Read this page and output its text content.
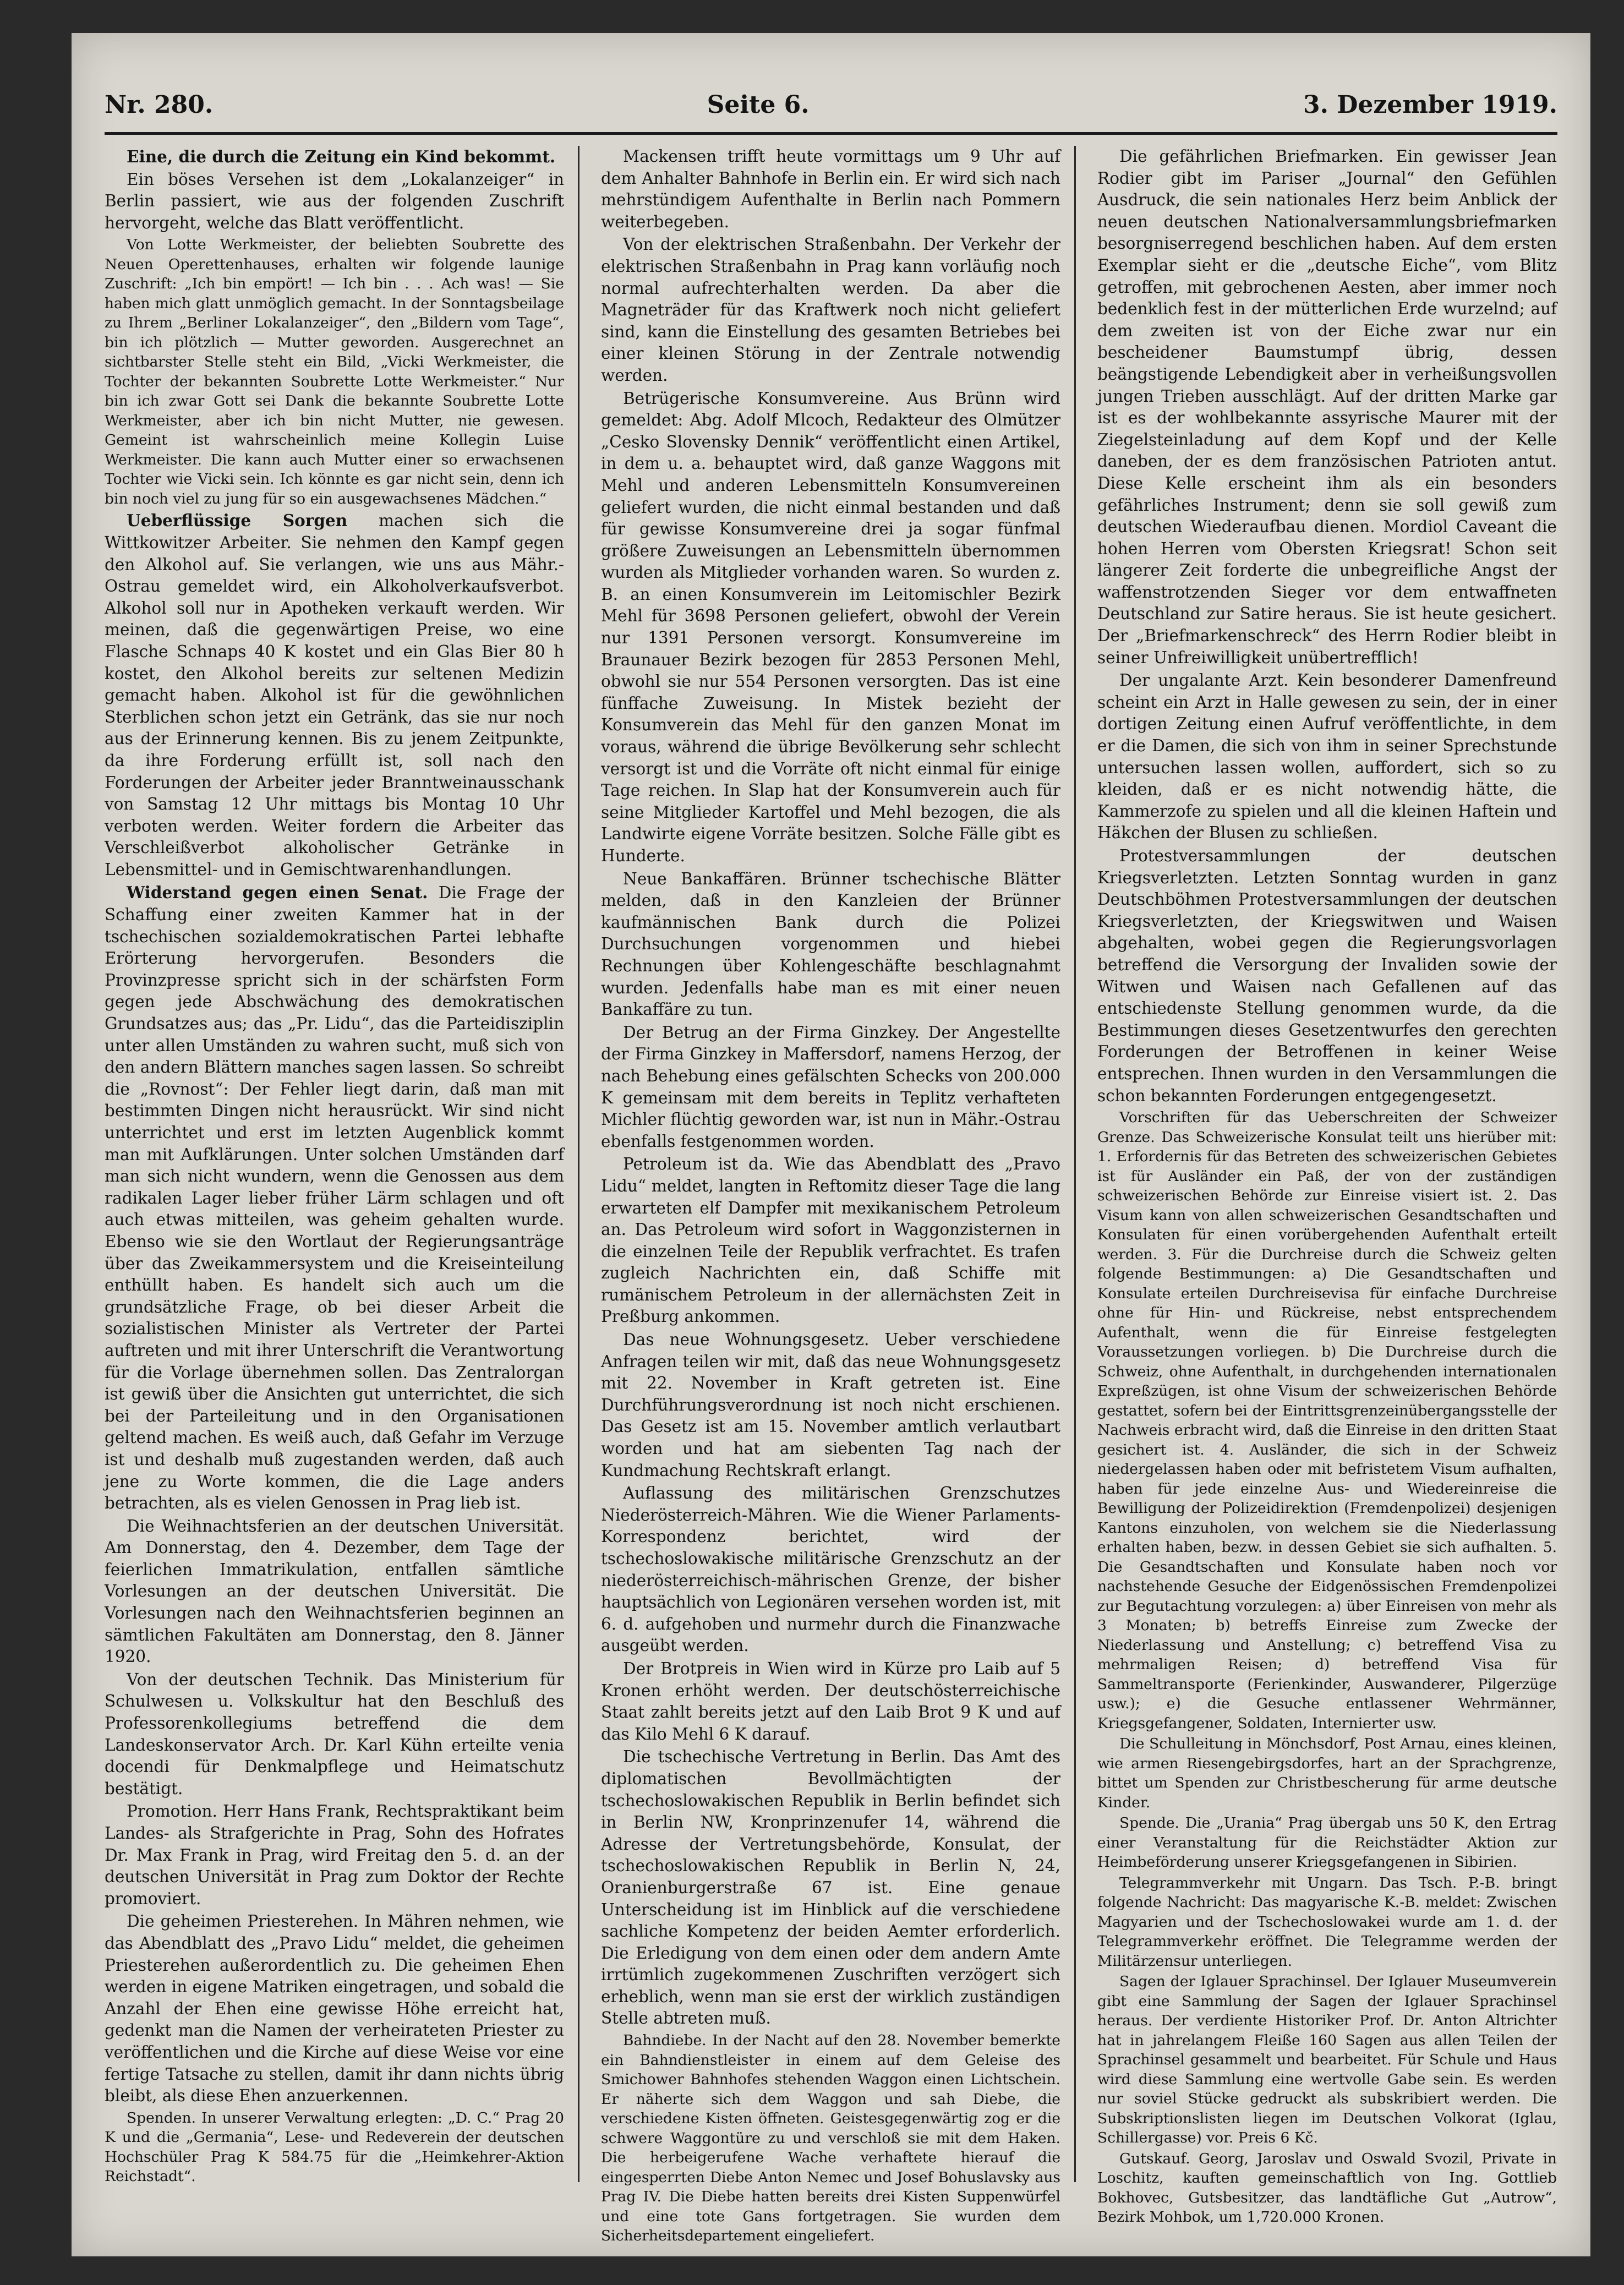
Nr. 280.	Seite 6.	3. Dezember 1919.

Eine, die durch die Zeitung ein Kind bekommt.

Ein böses Versehen ist dem „Lokalanzeiger“ in Berlin passiert, wie aus der folgenden Zuschrift hervorgeht, welche das Blatt veröffentlicht.

Von Lotte Werkmeister, der beliebten Soubrette des Neuen Operettenhauses, erhalten wir folgende launige Zuschrift: „Ich bin empört! — Ich bin . . . Ach was! — Sie haben mich glatt unmöglich gemacht. In der Sonntagsbeilage zu Ihrem „Berliner Lokalanzeiger“, den „Bildern vom Tage“, bin ich plötzlich — Mutter geworden. Ausgerechnet an sichtbarster Stelle steht ein Bild, „Vicki Werkmeister, die Tochter der bekannten Soubrette Lotte Werkmeister.“ Nur bin ich zwar Gott sei Dank die bekannte Soubrette Lotte Werkmeister, aber ich bin nicht Mutter, nie gewesen. Gemeint ist wahrscheinlich meine Kollegin Luise Werkmeister. Die kann auch Mutter einer so erwachsenen Tochter wie Vicki sein. Ich könnte es gar nicht sein, denn ich bin noch viel zu jung für so ein ausgewachsenes Mädchen.“

Ueberflüssige Sorgen machen sich die Wittkowitzer Arbeiter. Sie nehmen den Kampf gegen den Alkohol auf. Sie verlangen, wie uns aus Mähr.-Ostrau gemeldet wird, ein Alkoholverkaufsverbot. Alkohol soll nur in Apotheken verkauft werden. Wir meinen, daß die gegenwärtigen Preise, wo eine Flasche Schnaps 40 K kostet und ein Glas Bier 80 h kostet, den Alkohol bereits zur seltenen Medizin gemacht haben. Alkohol ist für die gewöhnlichen Sterblichen schon jetzt ein Getränk, das sie nur noch aus der Erinnerung kennen. Bis zu jenem Zeitpunkte, da ihre Forderung erfüllt ist, soll nach den Forderungen der Arbeiter jeder Branntweinausschank von Samstag 12 Uhr mittags bis Montag 10 Uhr verboten werden. Weiter fordern die Arbeiter das Verschleißverbot alkoholischer Getränke in Lebensmittel- und in Gemischtwarenhandlungen.

Widerstand gegen einen Senat. Die Frage der Schaffung einer zweiten Kammer hat in der tschechischen sozialdemokratischen Partei lebhafte Erörterung hervorgerufen. Besonders die Provinzpresse spricht sich in der schärfsten Form gegen jede Abschwächung des demokratischen Grundsatzes aus; das „Pr. Lidu“, das die Parteidisziplin unter allen Umständen zu wahren sucht, muß sich von den andern Blättern manches sagen lassen. So schreibt die „Rovnost“: Der Fehler liegt darin, daß man mit bestimmten Dingen nicht herausrückt. Wir sind nicht unterrichtet und erst im letzten Augenblick kommt man mit Aufklärungen. Unter solchen Umständen darf man sich nicht wundern, wenn die Genossen aus dem radikalen Lager lieber früher Lärm schlagen und oft auch etwas mitteilen, was geheim gehalten wurde. Ebenso wie sie den Wortlaut der Regierungsanträge über das Zweikammersystem und die Kreiseinteilung enthüllt haben. Es handelt sich auch um die grundsätzliche Frage, ob bei dieser Arbeit die sozialistischen Minister als Vertreter der Partei auftreten und mit ihrer Unterschrift die Verantwortung für die Vorlage übernehmen sollen. Das Zentralorgan ist gewiß über die Ansichten gut unterrichtet, die sich bei der Parteileitung und in den Organisationen geltend machen. Es weiß auch, daß Gefahr im Verzuge ist und deshalb muß zugestanden werden, daß auch jene zu Worte kommen, die die Lage anders betrachten, als es vielen Genossen in Prag lieb ist.

Die Weihnachtsferien an der deutschen Universität. Am Donnerstag, den 4. Dezember, dem Tage der feierlichen Immatrikulation, entfallen sämtliche Vorlesungen an der deutschen Universität. Die Vorlesungen nach den Weihnachtsferien beginnen an sämtlichen Fakultäten am Donnerstag, den 8. Jänner 1920.

Von der deutschen Technik. Das Ministerium für Schulwesen u. Volkskultur hat den Beschluß des Professorenkollegiums betreffend die dem Landeskonservator Arch. Dr. Karl Kühn erteilte venia docendi für Denkmalpflege und Heimatschutz bestätigt.

Promotion. Herr Hans Frank, Rechtspraktikant beim Landes- als Strafgerichte in Prag, Sohn des Hofrates Dr. Max Frank in Prag, wird Freitag den 5. d. an der deutschen Universität in Prag zum Doktor der Rechte promoviert.

Die geheimen Priesterehen. In Mähren nehmen, wie das Abendblatt des „Pravo Lidu“ meldet, die geheimen Priesterehen außerordentlich zu. Die geheimen Ehen werden in eigene Matriken eingetragen, und sobald die Anzahl der Ehen eine gewisse Höhe erreicht hat, gedenkt man die Namen der verheirateten Priester zu veröffentlichen und die Kirche auf diese Weise vor eine fertige Tatsache zu stellen, damit ihr dann nichts übrig bleibt, als diese Ehen anzuerkennen.

Spenden. In unserer Verwaltung erlegten: „D. C.“ Prag 20 K und die „Germania“, Lese- und Redeverein der deutschen Hochschüler Prag K 584.75 für die „Heimkehrer-Aktion Reichstadt“.

Mackensen trifft heute vormittags um 9 Uhr auf dem Anhalter Bahnhofe in Berlin ein. Er wird sich nach mehrstündigem Aufenthalte in Berlin nach Pommern weiterbegeben.

Von der elektrischen Straßenbahn. Der Verkehr der elektrischen Straßenbahn in Prag kann vorläufig noch normal aufrechterhalten werden. Da aber die Magneträder für das Kraftwerk noch nicht geliefert sind, kann die Einstellung des gesamten Betriebes bei einer kleinen Störung in der Zentrale notwendig werden.

Betrügerische Konsumvereine. Aus Brünn wird gemeldet: Abg. Adolf Mlcoch, Redakteur des Olmützer „Cesko Slovensky Dennik“ veröffentlicht einen Artikel, in dem u. a. behauptet wird, daß ganze Waggons mit Mehl und anderen Lebensmitteln Konsumvereinen geliefert wurden, die nicht einmal bestanden und daß für gewisse Konsumvereine drei ja sogar fünfmal größere Zuweisungen an Lebensmitteln übernommen wurden als Mitglieder vorhanden waren. So wurden z. B. an einen Konsumverein im Leitomischler Bezirk Mehl für 3698 Personen geliefert, obwohl der Verein nur 1391 Personen versorgt. Konsumvereine im Braunauer Bezirk bezogen für 2853 Personen Mehl, obwohl sie nur 554 Personen versorgten. Das ist eine fünffache Zuweisung. In Mistek bezieht der Konsumverein das Mehl für den ganzen Monat im voraus, während die übrige Bevölkerung sehr schlecht versorgt ist und die Vorräte oft nicht einmal für einige Tage reichen. In Slap hat der Konsumverein auch für seine Mitglieder Kartoffel und Mehl bezogen, die als Landwirte eigene Vorräte besitzen. Solche Fälle gibt es Hunderte.

Neue Bankaffären. Brünner tschechische Blätter melden, daß in den Kanzleien der Brünner kaufmännischen Bank durch die Polizei Durchsuchungen vorgenommen und hiebei Rechnungen über Kohlengeschäfte beschlagnahmt wurden. Jedenfalls habe man es mit einer neuen Bankaffäre zu tun.

Der Betrug an der Firma Ginzkey. Der Angestellte der Firma Ginzkey in Maffersdorf, namens Herzog, der nach Behebung eines gefälschten Schecks von 200.000 K gemeinsam mit dem bereits in Teplitz verhafteten Michler flüchtig geworden war, ist nun in Mähr.-Ostrau ebenfalls festgenommen worden.

Petroleum ist da. Wie das Abendblatt des „Pravo Lidu“ meldet, langten in Reftomitz dieser Tage die lang erwarteten elf Dampfer mit mexikanischem Petroleum an. Das Petroleum wird sofort in Waggonzisternen in die einzelnen Teile der Republik verfrachtet. Es trafen zugleich Nachrichten ein, daß Schiffe mit rumänischem Petroleum in der allernächsten Zeit in Preßburg ankommen.

Das neue Wohnungsgesetz. Ueber verschiedene Anfragen teilen wir mit, daß das neue Wohnungsgesetz mit 22. November in Kraft getreten ist. Eine Durchführungsverordnung ist noch nicht erschienen. Das Gesetz ist am 15. November amtlich verlautbart worden und hat am siebenten Tag nach der Kundmachung Rechtskraft erlangt.

Auflassung des militärischen Grenzschutzes Niederösterreich-Mähren. Wie die Wiener Parlaments-Korrespondenz berichtet, wird der tschechoslowakische militärische Grenzschutz an der niederösterreichisch-mährischen Grenze, der bisher hauptsächlich von Legionären versehen worden ist, mit 6. d. aufgehoben und nurmehr durch die Finanzwache ausgeübt werden.

Der Brotpreis in Wien wird in Kürze pro Laib auf 5 Kronen erhöht werden. Der deutschösterreichische Staat zahlt bereits jetzt auf den Laib Brot 9 K und auf das Kilo Mehl 6 K darauf.

Die tschechische Vertretung in Berlin. Das Amt des diplomatischen Bevollmächtigten der tschechoslowakischen Republik in Berlin befindet sich in Berlin NW, Kronprinzenufer 14, während die Adresse der Vertretungsbehörde, Konsulat, der tschechoslowakischen Republik in Berlin N, 24, Oranienburgerstraße 67 ist. Eine genaue Unterscheidung ist im Hinblick auf die verschiedene sachliche Kompetenz der beiden Aemter erforderlich. Die Erledigung von dem einen oder dem andern Amte irrtümlich zugekommenen Zuschriften verzögert sich erheblich, wenn man sie erst der wirklich zuständigen Stelle abtreten muß.

Bahndiebe. In der Nacht auf den 28. November bemerkte ein Bahndienstleister in einem auf dem Geleise des Smichower Bahnhofes stehenden Waggon einen Lichtschein. Er näherte sich dem Waggon und sah Diebe, die verschiedene Kisten öffneten. Geistesgegenwärtig zog er die schwere Waggontüre zu und verschloß sie mit dem Haken. Die herbeigerufene Wache verhaftete hierauf die eingesperrten Diebe Anton Nemec und Josef Bohuslavsky aus Prag IV. Die Diebe hatten bereits drei Kisten Suppenwürfel und eine tote Gans fortgetragen. Sie wurden dem Sicherheitsdepartement eingeliefert.

Die gefährlichen Briefmarken. Ein gewisser Jean Rodier gibt im Pariser „Journal“ den Gefühlen Ausdruck, die sein nationales Herz beim Anblick der neuen deutschen Nationalversammlungsbriefmarken besorgniserregend beschlichen haben. Auf dem ersten Exemplar sieht er die „deutsche Eiche“, vom Blitz getroffen, mit gebrochenen Aesten, aber immer noch bedenklich fest in der mütterlichen Erde wurzelnd; auf dem zweiten ist von der Eiche zwar nur ein bescheidener Baumstumpf übrig, dessen beängstigende Lebendigkeit aber in verheißungsvollen jungen Trieben ausschlägt. Auf der dritten Marke gar ist es der wohlbekannte assyrische Maurer mit der Ziegelsteinladung auf dem Kopf und der Kelle daneben, der es dem französischen Patrioten antut. Diese Kelle erscheint ihm als ein besonders gefährliches Instrument; denn sie soll gewiß zum deutschen Wiederaufbau dienen. Mordiol Caveant die hohen Herren vom Obersten Kriegsrat! Schon seit längerer Zeit forderte die unbegreifliche Angst der waffenstrotzenden Sieger vor dem entwaffneten Deutschland zur Satire heraus. Sie ist heute gesichert. Der „Briefmarkenschreck“ des Herrn Rodier bleibt in seiner Unfreiwilligkeit unübertrefflich!

Der ungalante Arzt. Kein besonderer Damenfreund scheint ein Arzt in Halle gewesen zu sein, der in einer dortigen Zeitung einen Aufruf veröffentlichte, in dem er die Damen, die sich von ihm in seiner Sprechstunde untersuchen lassen wollen, auffordert, sich so zu kleiden, daß er es nicht notwendig hätte, die Kammerzofe zu spielen und all die kleinen Haftein und Häkchen der Blusen zu schließen.

Protestversammlungen der deutschen Kriegsverletzten. Letzten Sonntag wurden in ganz Deutschböhmen Protestversammlungen der deutschen Kriegsverletzten, der Kriegswitwen und Waisen abgehalten, wobei gegen die Regierungsvorlagen betreffend die Versorgung der Invaliden sowie der Witwen und Waisen nach Gefallenen auf das entschiedenste Stellung genommen wurde, da die Bestimmungen dieses Gesetzentwurfes den gerechten Forderungen der Betroffenen in keiner Weise entsprechen. Ihnen wurden in den Versammlungen die schon bekannten Forderungen entgegengesetzt.

Vorschriften für das Ueberschreiten der Schweizer Grenze. Das Schweizerische Konsulat teilt uns hierüber mit: 1. Erfordernis für das Betreten des schweizerischen Gebietes ist für Ausländer ein Paß, der von der zuständigen schweizerischen Behörde zur Einreise visiert ist. 2. Das Visum kann von allen schweizerischen Gesandtschaften und Konsulaten für einen vorübergehenden Aufenthalt erteilt werden. 3. Für die Durchreise durch die Schweiz gelten folgende Bestimmungen: a) Die Gesandtschaften und Konsulate erteilen Durchreisevisa für einfache Durchreise ohne für Hin- und Rückreise, nebst entsprechendem Aufenthalt, wenn die für Einreise festgelegten Voraussetzungen vorliegen. b) Die Durchreise durch die Schweiz, ohne Aufenthalt, in durchgehenden internationalen Expreßzügen, ist ohne Visum der schweizerischen Behörde gestattet, sofern bei der Eintrittsgrenzeinübergangsstelle der Nachweis erbracht wird, daß die Einreise in den dritten Staat gesichert ist. 4. Ausländer, die sich in der Schweiz niedergelassen haben oder mit befristetem Visum aufhalten, haben für jede einzelne Aus- und Wiedereinreise die Bewilligung der Polizeidirektion (Fremdenpolizei) desjenigen Kantons einzuholen, von welchem sie die Niederlassung erhalten haben, bezw. in dessen Gebiet sie sich aufhalten. 5. Die Gesandtschaften und Konsulate haben noch vor nachstehende Gesuche der Eidgenössischen Fremdenpolizei zur Begutachtung vorzulegen: a) über Einreisen von mehr als 3 Monaten; b) betreffs Einreise zum Zwecke der Niederlassung und Anstellung; c) betreffend Visa zu mehrmaligen Reisen; d) betreffend Visa für Sammeltransporte (Ferienkinder, Auswanderer, Pilgerzüge usw.); e) die Gesuche entlassener Wehrmänner, Kriegsgefangener, Soldaten, Internierter usw.

Die Schulleitung in Mönchsdorf, Post Arnau, eines kleinen, wie armen Riesengebirgsdorfes, hart an der Sprachgrenze, bittet um Spenden zur Christbescherung für arme deutsche Kinder.

Spende. Die „Urania“ Prag übergab uns 50 K, den Ertrag einer Veranstaltung für die Reichstädter Aktion zur Heimbeförderung unserer Kriegsgefangenen in Sibirien.

Telegrammverkehr mit Ungarn. Das Tsch. P.-B. bringt folgende Nachricht: Das magyarische K.-B. meldet: Zwischen Magyarien und der Tschechoslowakei wurde am 1. d. der Telegrammverkehr eröffnet. Die Telegramme werden der Militärzensur unterliegen.

Sagen der Iglauer Sprachinsel. Der Iglauer Museumverein gibt eine Sammlung der Sagen der Iglauer Sprachinsel heraus. Der verdiente Historiker Prof. Dr. Anton Altrichter hat in jahrelangem Fleiße 160 Sagen aus allen Teilen der Sprachinsel gesammelt und bearbeitet. Für Schule und Haus wird diese Sammlung eine wertvolle Gabe sein. Es werden nur soviel Stücke gedruckt als subskribiert werden. Die Subskriptionslisten liegen im Deutschen Volkorat (Iglau, Schillergasse) vor. Preis 6 Kč.

Gutskauf. Georg, Jaroslav und Oswald Svozil, Private in Loschitz, kauften gemeinschaftlich von Ing. Gottlieb Bokhovec, Gutsbesitzer, das landtäfliche Gut „Autrow“, Bezirk Mohbok, um 1,720.000 Kronen.
